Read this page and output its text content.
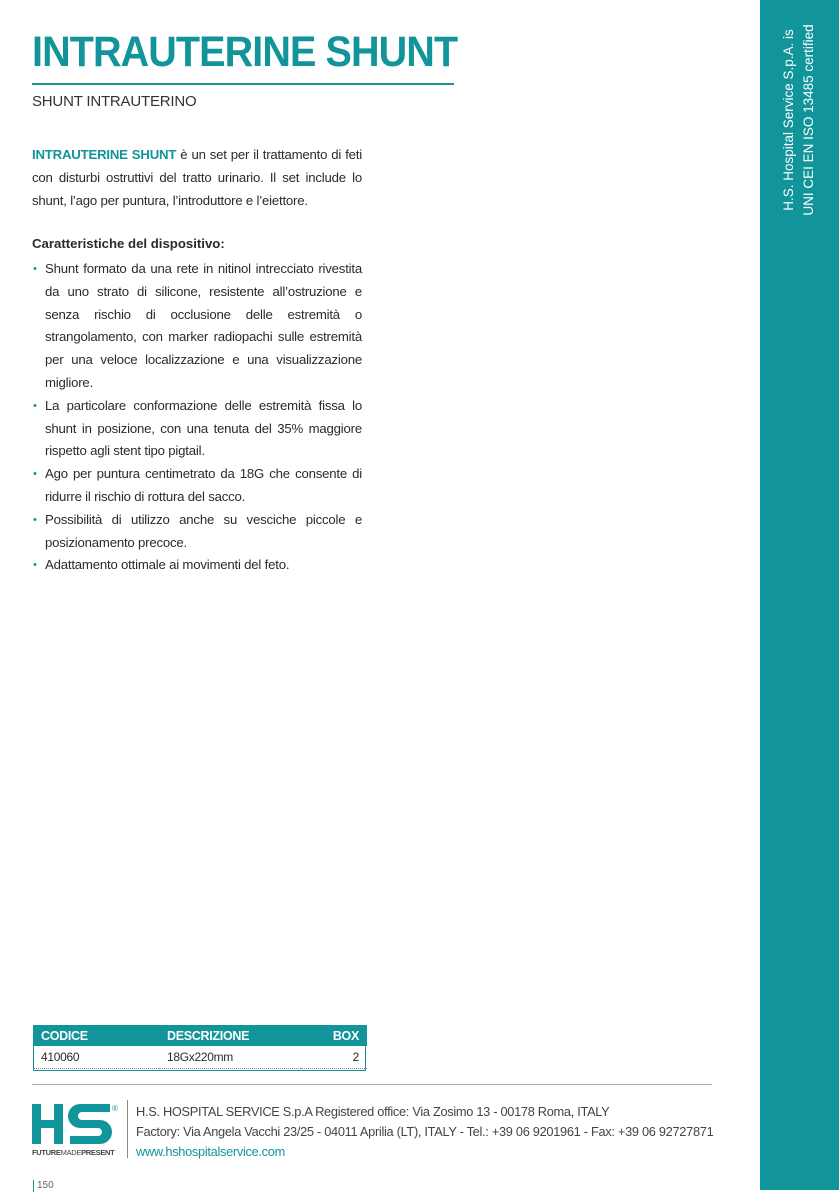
H.S. Hospital Service S.p.A. is UNI CEI EN ISO 13485 certified
INTRAUTERINE SHUNT
SHUNT INTRAUTERINO

INTRAUTERINE SHUNT è un set per il trattamento di feti con disturbi ostruttivi del tratto urinario. Il set include lo shunt, l’ago per puntura, l’introduttore e l’eiettore.

Caratteristiche del dispositivo:
• Shunt formato da una rete in nitinol intrecciato rivestita da uno strato di silicone, resistente all’ostruzione e senza rischio di occlusione delle estremità o strangolamento, con marker radiopachi sulle estremità per una veloce localizzazione e una visualizzazione migliore.
• La particolare conformazione delle estremità fissa lo shunt in posizione, con una tenuta del 35% maggiore rispetto agli stent tipo pigtail.
• Ago per puntura centimetrato da 18G che consente di ridurre il rischio di rottura del sacco.
• Possibilità di utilizzo anche su vesciche piccole e posizionamento precoce.
• Adattamento ottimale ai movimenti del feto.
CODICE	DESCRIZIONE	BOX
410060	18Gx220mm	2
®
FUTUREMADEPRESENT
H.S. HOSPITAL SERVICE S.p.A Registered office: Via Zosimo 13 - 00178 Roma, ITALY
Factory: Via Angela Vacchi 23/25 - 04011 Aprilia (LT), ITALY - Tel.: +39 06 9201961 - Fax: +39 06 92727871
www.hshospitalservice.com
150
